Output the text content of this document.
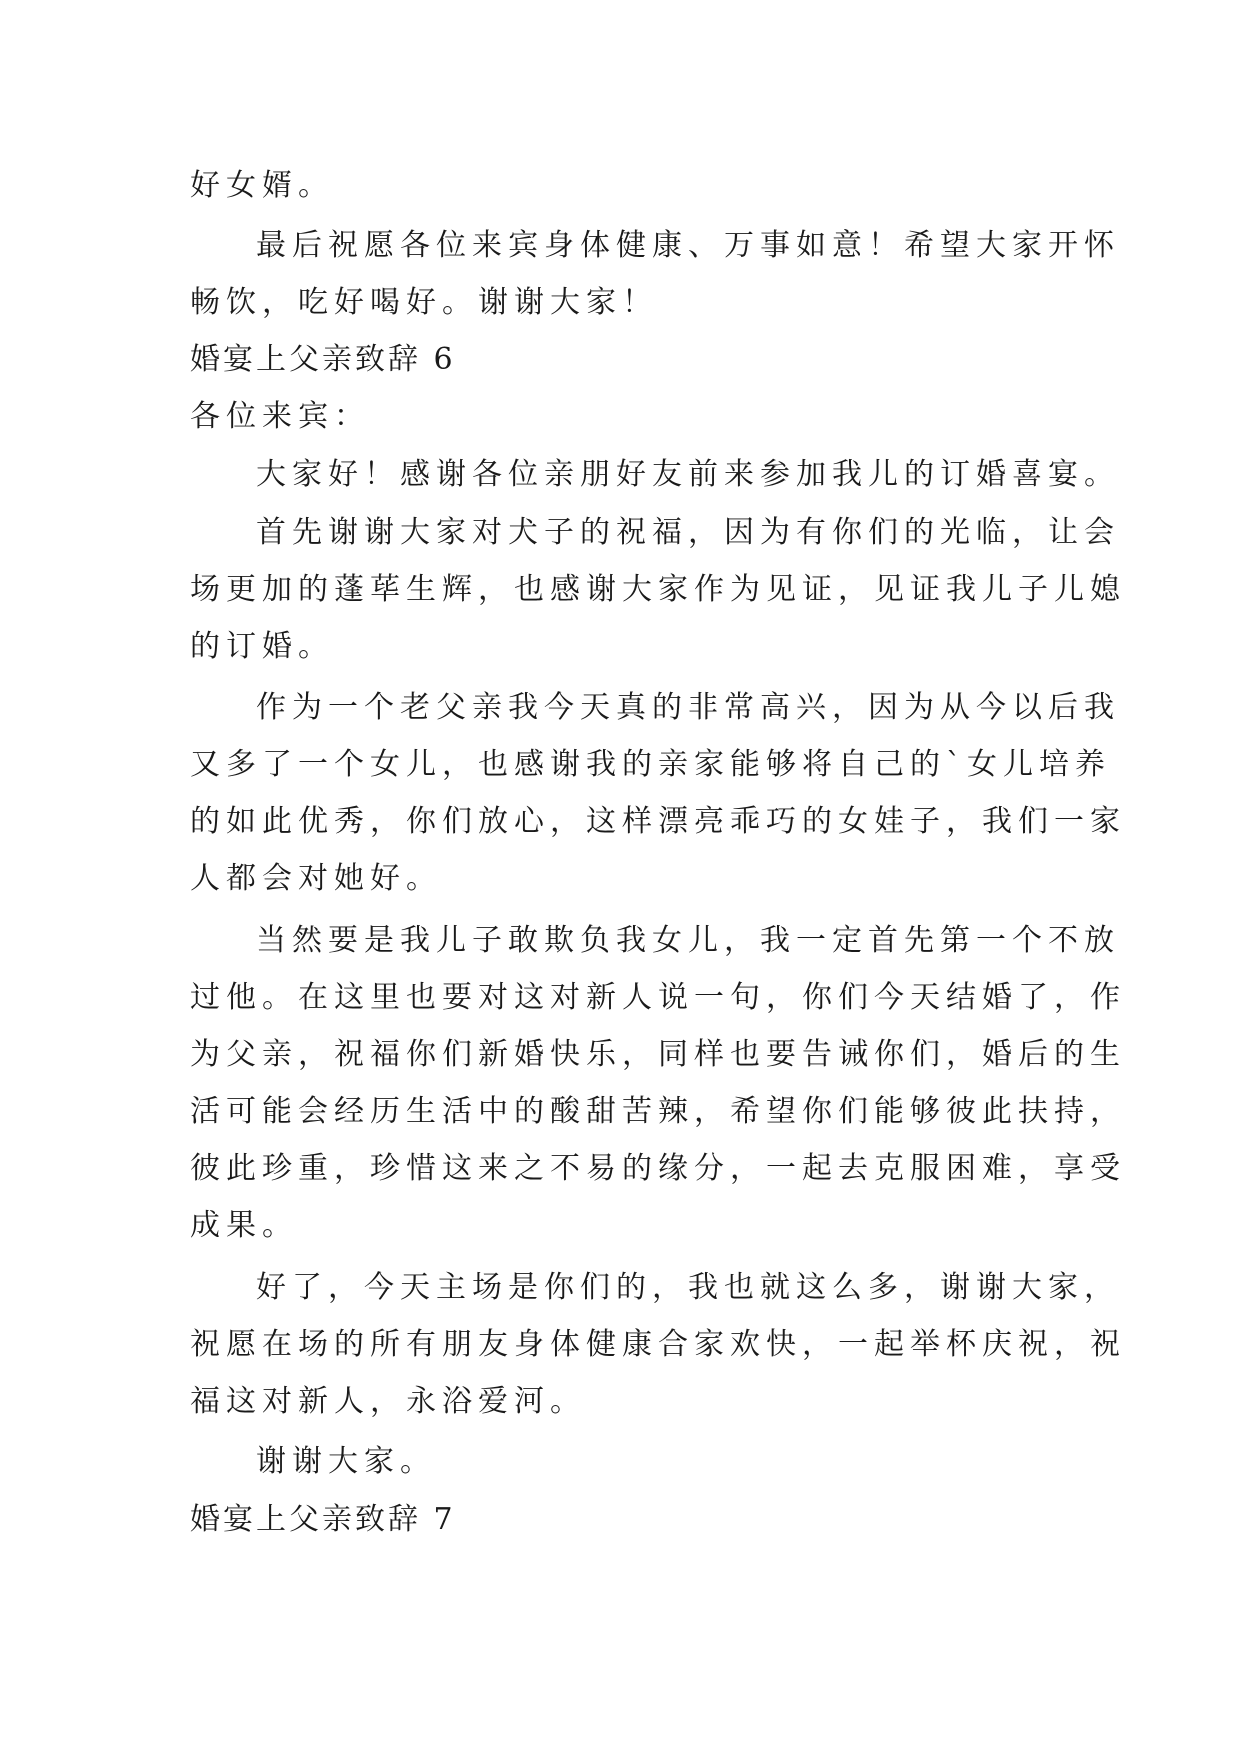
好女婿。
最后祝愿各位来宾身体健康、万事如意！希望大家开怀
畅饮，吃好喝好。谢谢大家！
婚宴上父亲致辞 6
各位来宾：
大家好！感谢各位亲朋好友前来参加我儿的订婚喜宴。
首先谢谢大家对犬子的祝福，因为有你们的光临，让会
场更加的蓬荜生辉，也感谢大家作为见证，见证我儿子儿媳
的订婚。
作为一个老父亲我今天真的非常高兴，因为从今以后我
又多了一个女儿，也感谢我的亲家能够将自己的`女儿培养
的如此优秀，你们放心，这样漂亮乖巧的女娃子，我们一家
人都会对她好。
当然要是我儿子敢欺负我女儿，我一定首先第一个不放
过他。在这里也要对这对新人说一句，你们今天结婚了，作
为父亲，祝福你们新婚快乐，同样也要告诫你们，婚后的生
活可能会经历生活中的酸甜苦辣，希望你们能够彼此扶持，
彼此珍重，珍惜这来之不易的缘分，一起去克服困难，享受
成果。
好了，今天主场是你们的，我也就这么多，谢谢大家，
祝愿在场的所有朋友身体健康合家欢快，一起举杯庆祝，祝
福这对新人，永浴爱河。
谢谢大家。
婚宴上父亲致辞 7
